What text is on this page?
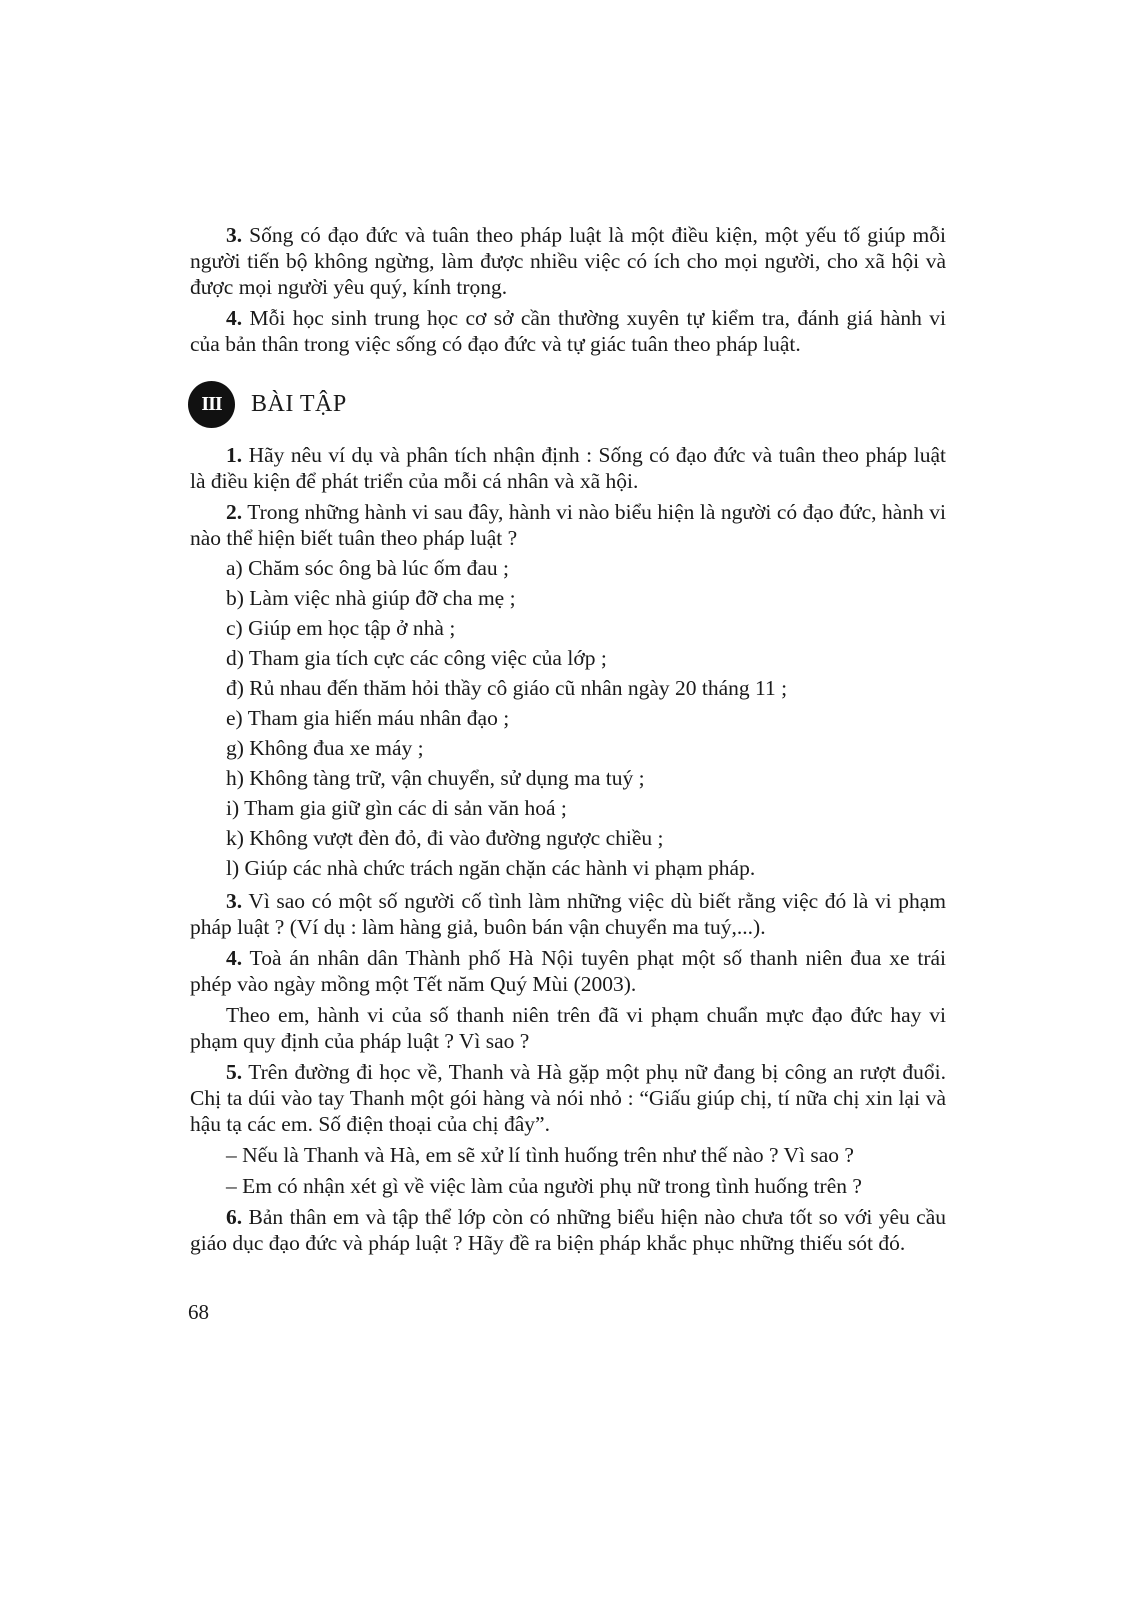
3. Sống có đạo đức và tuân theo pháp luật là một điều kiện, một yếu tố giúp mỗi người tiến bộ không ngừng, làm được nhiều việc có ích cho mọi người, cho xã hội và được mọi người yêu quý, kính trọng.

4. Mỗi học sinh trung học cơ sở cần thường xuyên tự kiểm tra, đánh giá hành vi của bản thân trong việc sống có đạo đức và tự giác tuân theo pháp luật.

III	BÀI TẬP

1. Hãy nêu ví dụ và phân tích nhận định : Sống có đạo đức và tuân theo pháp luật là điều kiện để phát triển của mỗi cá nhân và xã hội.

2. Trong những hành vi sau đây, hành vi nào biểu hiện là người có đạo đức, hành vi nào thể hiện biết tuân theo pháp luật ?

a) Chăm sóc ông bà lúc ốm đau ;

b) Làm việc nhà giúp đỡ cha mẹ ;

c) Giúp em học tập ở nhà ;

d) Tham gia tích cực các công việc của lớp ;

đ) Rủ nhau đến thăm hỏi thầy cô giáo cũ nhân ngày 20 tháng 11 ;

e) Tham gia hiến máu nhân đạo ;

g) Không đua xe máy ;

h) Không tàng trữ, vận chuyển, sử dụng ma tuý ;

i) Tham gia giữ gìn các di sản văn hoá ;

k) Không vượt đèn đỏ, đi vào đường ngược chiều ;

l) Giúp các nhà chức trách ngăn chặn các hành vi phạm pháp.

3. Vì sao có một số người cố tình làm những việc dù biết rằng việc đó là vi phạm pháp luật ? (Ví dụ : làm hàng giả, buôn bán vận chuyển ma tuý,...).

4. Toà án nhân dân Thành phố Hà Nội tuyên phạt một số thanh niên đua xe trái phép vào ngày mồng một Tết năm Quý Mùi (2003).

Theo em, hành vi của số thanh niên trên đã vi phạm chuẩn mực đạo đức hay vi phạm quy định của pháp luật ? Vì sao ?

5. Trên đường đi học về, Thanh và Hà gặp một phụ nữ đang bị công an rượt đuổi. Chị ta dúi vào tay Thanh một gói hàng và nói nhỏ : “Giấu giúp chị, tí nữa chị xin lại và hậu tạ các em. Số điện thoại của chị đây”.

– Nếu là Thanh và Hà, em sẽ xử lí tình huống trên như thế nào ? Vì sao ?

– Em có nhận xét gì về việc làm của người phụ nữ trong tình huống trên ?

6. Bản thân em và tập thể lớp còn có những biểu hiện nào chưa tốt so với yêu cầu giáo dục đạo đức và pháp luật ? Hãy đề ra biện pháp khắc phục những thiếu sót đó.

68
